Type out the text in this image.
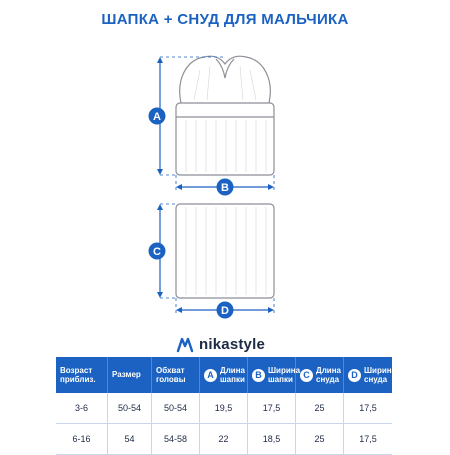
ШАПКА + СНУД ДЛЯ МАЛЬЧИКА
A
B
C
D
nikastyle
Возраст приблиз.	Размер	Обхват головы	A Длина шапки	B Ширина шапки	C Длина снуда	D Ширина снуда

3-6	50-54	50-54	19,5	17,5	25	17,5
6-16	54	54-58	22	18,5	25	17,5
